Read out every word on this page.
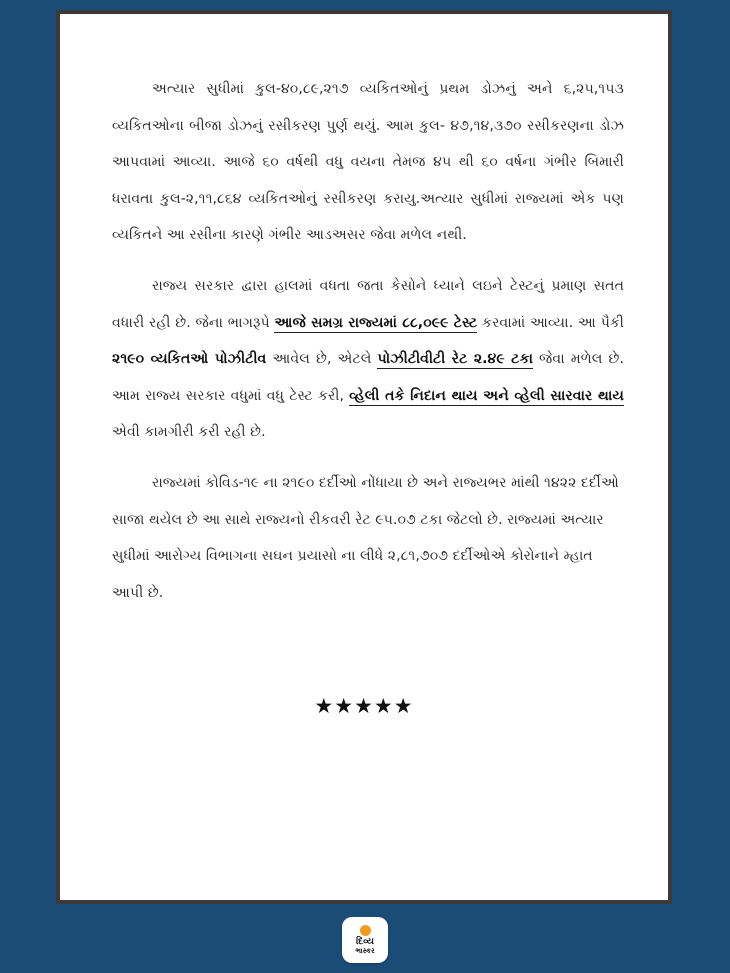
અત્યાર સુધીમાં કુલ-૪૦,૮૯,૨૧૭ વ્યકિતઓનું પ્રથમ ડોઝનું અને ૬,૨૫,૧૫૩ વ્યકિતઓના બીજા ડોઝનું રસીકરણ પુર્ણ થયું. આમ કુલ- ૪૭,૧૪,૩૭૦ રસીકરણના ડોઝ આપવામાં આવ્યા. આજે ૬૦ વર્ષથી વધુ વયના તેમજ ૪૫ થી ૬૦ વર્ષના ગંભીર બિમારી ધરાવતા કુલ-૨,૧૧,૮૬૪ વ્યકિતઓનું રસીકરણ કરાયુ.અત્યાર સુધીમાં રાજ્યમાં એક પણ વ્યકિતને આ રસીના કારણે ગંભીર આડઅસર જેવા મળેલ નથી.

રાજ્ય સરકાર દ્વારા હાલમાં વધતા જતા કેસોને ધ્યાને લઇને ટેસ્ટનું પ્રમાણ સતત વધારી રહી છે. જેના ભાગરૂપે આજે સમગ્ર રાજ્યમાં ૮૮,૦૯૯ ટેસ્ટ કરવામાં આવ્યા. આ પૈકી ૨૧૯૦ વ્યકિતઓ પોઝીટીવ આવેલ છે, એટલે પોઝીટીવીટી રેટ ૨.૪૯ ટકા જેવા મળેલ છે. આમ રાજ્ય સરકાર વધુમાં વધુ ટેસ્ટ કરી, વ્હેલી તકે નિદાન થાય અને વ્હેલી સારવાર થાય એવી કામગીરી કરી રહી છે.

રાજ્યમાં કોવિડ-૧૯ ના ૨૧૯૦ દર્દીઓ નોંધાયા છે અને રાજ્યભર માંથી ૧૪૨૨ દર્દીઓ સાજા થયેલ છે આ સાથે રાજ્યનો રીકવરી રેટ ૯૫.૦૭ ટકા જેટલો છે. રાજ્યમાં અત્યાર સુધીમાં આરોગ્ય વિભાગના સઘન પ્રયાસો ના લીધે ૨,૮૧,૭૦૭ દર્દીઓએ કોરોનાને મ્હાત આપી છે.

★★★★★
દિવ્ય
ભાસ્કર
